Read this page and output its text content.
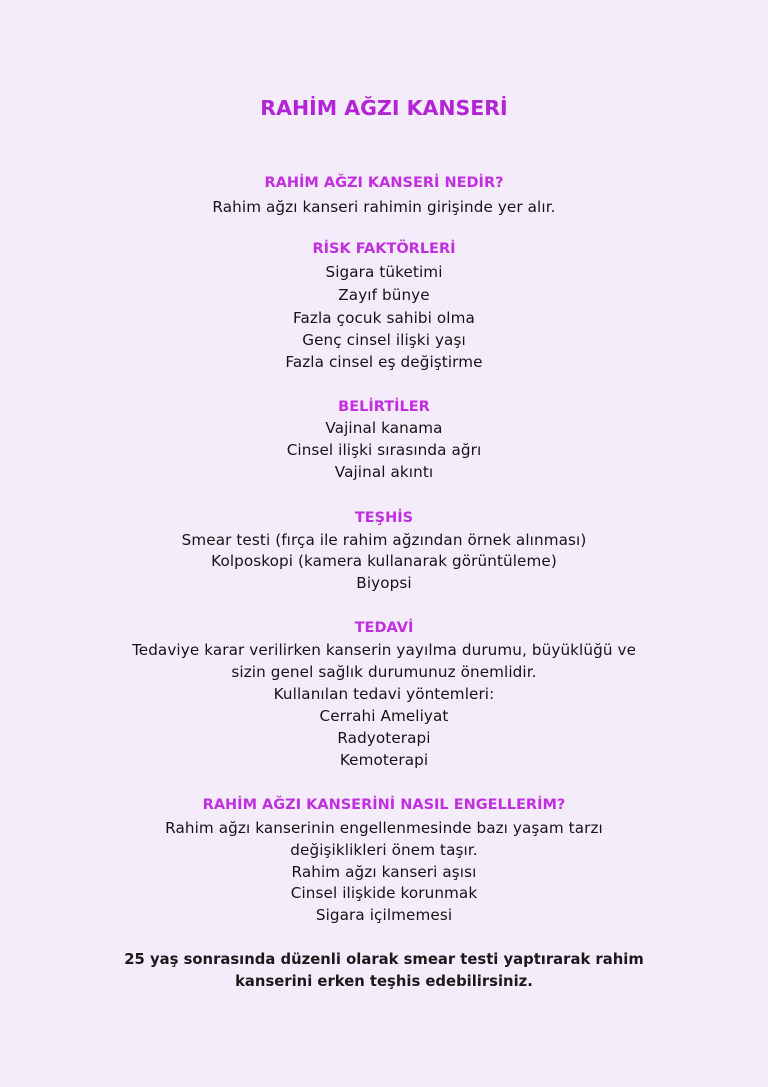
RAHİM AĞZI KANSERİ
RAHİM AĞZI KANSERİ NEDİR?
Rahim ağzı kanseri rahimin girişinde yer alır.
RİSK FAKTÖRLERİ
Sigara tüketimi
Zayıf bünye
Fazla çocuk sahibi olma
Genç cinsel ilişki yaşı
Fazla cinsel eş değiştirme
BELİRTİLER
Vajinal kanama
Cinsel ilişki sırasında ağrı
Vajinal akıntı
TEŞHİS
Smear testi (fırça ile rahim ağzından örnek alınması)
Kolposkopi (kamera kullanarak görüntüleme)
Biyopsi
TEDAVİ
Tedaviye karar verilirken kanserin yayılma durumu, büyüklüğü ve
sizin genel sağlık durumunuz önemlidir.
Kullanılan tedavi yöntemleri:
Cerrahi Ameliyat
Radyoterapi
Kemoterapi
RAHİM AĞZI KANSERİNİ NASIL ENGELLERİM?
Rahim ağzı kanserinin engellenmesinde bazı yaşam tarzı
değişiklikleri önem taşır.
Rahim ağzı kanseri aşısı
Cinsel ilişkide korunmak
Sigara içilmemesi
25 yaş sonrasında düzenli olarak smear testi yaptırarak rahim
kanserini erken teşhis edebilirsiniz.
